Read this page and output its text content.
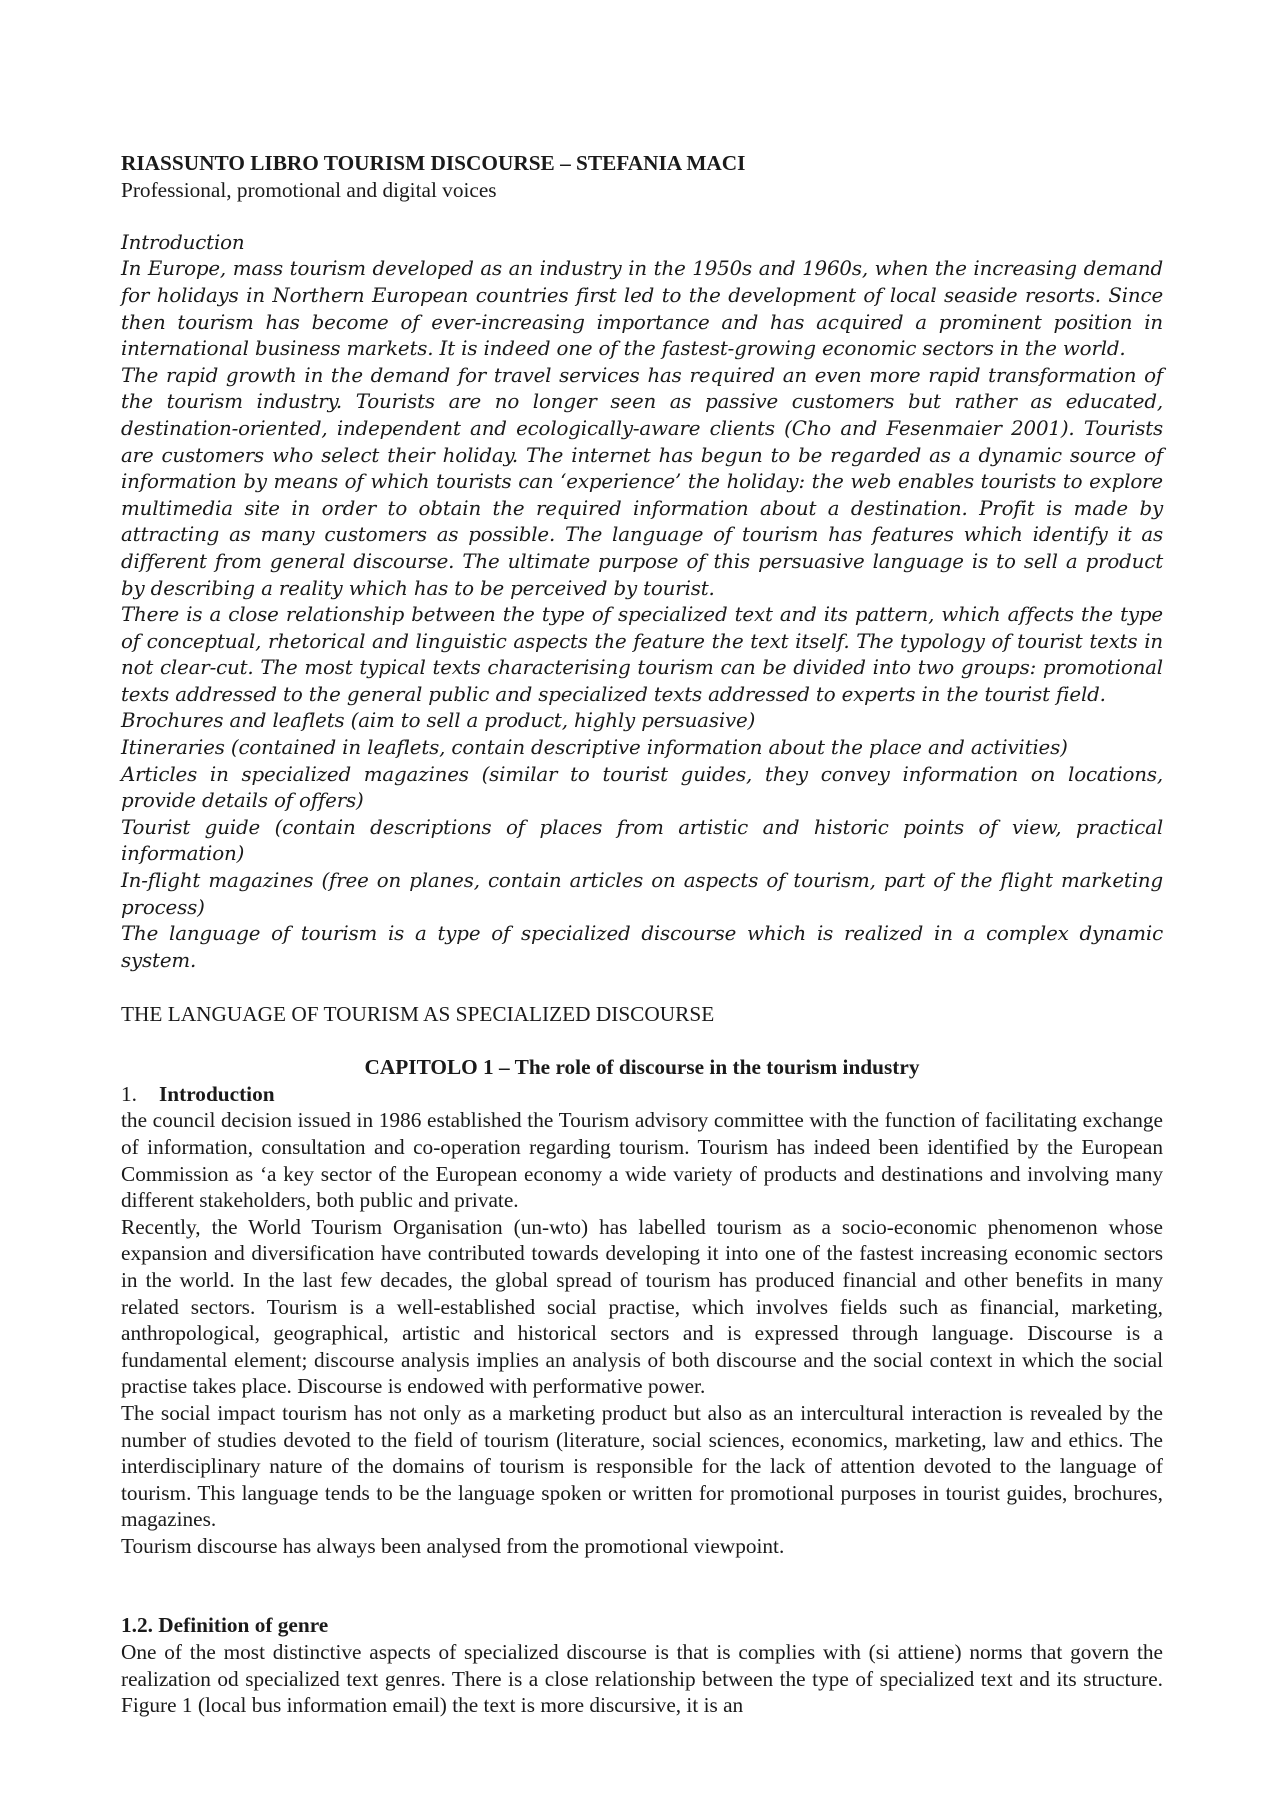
RIASSUNTO LIBRO TOURISM DISCOURSE – STEFANIA MACI

Professional, promotional and digital voices

Introduction

In Europe, mass tourism developed as an industry in the 1950s and 1960s, when the increasing demand for holidays in Northern European countries first led to the development of local seaside resorts. Since then tourism has become of ever-increasing importance and has acquired a prominent position in international business markets. It is indeed one of the fastest-growing economic sectors in the world.

The rapid growth in the demand for travel services has required an even more rapid transformation of the tourism industry. Tourists are no longer seen as passive customers but rather as educated, destination-oriented, independent and ecologically-aware clients (Cho and Fesenmaier 2001). Tourists are customers who select their holiday. The internet has begun to be regarded as a dynamic source of information by means of which tourists can ‘experience’ the holiday: the web enables tourists to explore multimedia site in order to obtain the required information about a destination. Profit is made by attracting as many customers as possible. The language of tourism has features which identify it as different from general discourse. The ultimate purpose of this persuasive language is to sell a product by describing a reality which has to be perceived by tourist.

There is a close relationship between the type of specialized text and its pattern, which affects the type of conceptual, rhetorical and linguistic aspects the feature the text itself. The typology of tourist texts in not clear-cut. The most typical texts characterising tourism can be divided into two groups: promotional texts addressed to the general public and specialized texts addressed to experts in the tourist field.

Brochures and leaflets (aim to sell a product, highly persuasive)

Itineraries (contained in leaflets, contain descriptive information about the place and activities)

Articles in specialized magazines (similar to tourist guides, they convey information on locations, provide details of offers)

Tourist guide (contain descriptions of places from artistic and historic points of view, practical information)

In-flight magazines (free on planes, contain articles on aspects of tourism, part of the flight marketing process)

The language of tourism is a type of specialized discourse which is realized in a complex dynamic system.

THE LANGUAGE OF TOURISM AS SPECIALIZED DISCOURSE

CAPITOLO 1 – The role of discourse in the tourism industry

1. Introduction

the council decision issued in 1986 established the Tourism advisory committee with the function of facilitating exchange of information, consultation and co-operation regarding tourism. Tourism has indeed been identified by the European Commission as ‘a key sector of the European economy a wide variety of products and destinations and involving many different stakeholders, both public and private.

Recently, the World Tourism Organisation (un-wto) has labelled tourism as a socio-economic phenomenon whose expansion and diversification have contributed towards developing it into one of the fastest increasing economic sectors in the world. In the last few decades, the global spread of tourism has produced financial and other benefits in many related sectors. Tourism is a well-established social practise, which involves fields such as financial, marketing, anthropological, geographical, artistic and historical sectors and is expressed through language. Discourse is a fundamental element; discourse analysis implies an analysis of both discourse and the social context in which the social practise takes place. Discourse is endowed with performative power.

The social impact tourism has not only as a marketing product but also as an intercultural interaction is revealed by the number of studies devoted to the field of tourism (literature, social sciences, economics, marketing, law and ethics. The interdisciplinary nature of the domains of tourism is responsible for the lack of attention devoted to the language of tourism. This language tends to be the language spoken or written for promotional purposes in tourist guides, brochures, magazines.

Tourism discourse has always been analysed from the promotional viewpoint.

1.2. Definition of genre

One of the most distinctive aspects of specialized discourse is that is complies with (si attiene) norms that govern the realization od specialized text genres. There is a close relationship between the type of specialized text and its structure. Figure 1 (local bus information email) the text is more discursive, it is an
